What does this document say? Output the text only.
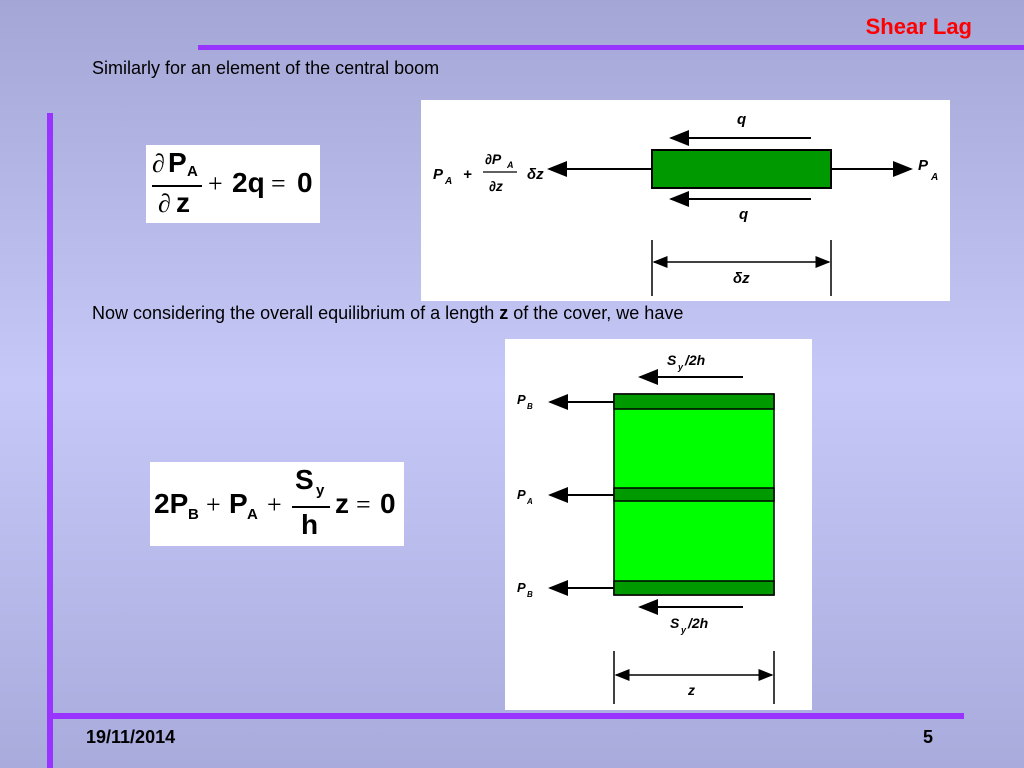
Shear Lag
Similarly for an element of the central boom
Now considering the overall equilibrium of a length z of the cover, we have
∂ P A
∂ z
+ 2q = 0
2P B + P A +
S y
h
z = 0
q
q
P A +
∂P A
∂z
δz
P
A
δz
S y /2h
P B
P A
P B
S y /2h
z
19/11/2014	5
